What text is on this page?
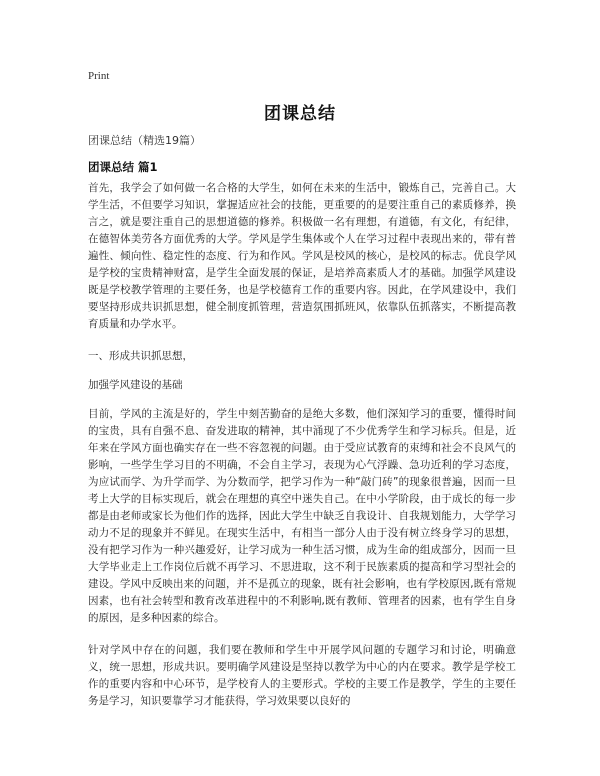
Print
团课总结
团课总结（精选19篇）
团课总结 篇1

首先，我学会了如何做一名合格的大学生，如何在未来的生活中，锻炼自己，完善自己。大学生活，不但要学习知识，掌握适应社会的技能，更重要的的是要注重自己的素质修养，换言之，就是要注重自己的思想道德的修养。积极做一名有理想，有道德，有文化，有纪律，在德智体美劳各方面优秀的大学。学风是学生集体或个人在学习过程中表现出来的，带有普遍性、倾向性、稳定性的态度、行为和作风。学风是校风的核心，是校风的标志。优良学风是学校的宝贵精神财富，是学生全面发展的保证，是培养高素质人才的基础。加强学风建设既是学校教学管理的主要任务，也是学校德育工作的重要内容。因此，在学风建设中，我们要坚持形成共识抓思想，健全制度抓管理，营造氛围抓班风，依靠队伍抓落实，不断提高教育质量和办学水平。

一、形成共识抓思想，

加强学风建设的基础

目前，学风的主流是好的，学生中刻苦勤奋的是绝大多数，他们深知学习的重要，懂得时间的宝贵，具有自强不息、奋发进取的精神，其中涌现了不少优秀学生和学习标兵。但是，近年来在学风方面也确实存在一些不容忽视的问题。由于受应试教育的束缚和社会不良风气的影响，一些学生学习目的不明确，不会自主学习，表现为心气浮躁、急功近利的学习态度，为应试而学、为升学而学、为分数而学，把学习作为一种“敲门砖”的现象很普遍，因而一旦考上大学的目标实现后，就会在理想的真空中迷失自己。在中小学阶段，由于成长的每一步都是由老师或家长为他们作的选择，因此大学生中缺乏自我设计、自我规划能力，大学学习动力不足的现象并不鲜见。在现实生活中，有相当一部分人由于没有树立终身学习的思想，没有把学习作为一种兴趣爱好，让学习成为一种生活习惯，成为生命的组成部分，因而一旦大学毕业走上工作岗位后就不再学习、不思进取，这不利于民族素质的提高和学习型社会的建设。学风中反映出来的问题，并不是孤立的现象，既有社会影响，也有学校原因,既有常规因素，也有社会转型和教育改革进程中的不利影响,既有教师、管理者的因素，也有学生自身的原因，是多种因素的综合。

针对学风中存在的问题，我们要在教师和学生中开展学风问题的专题学习和讨论，明确意义，统一思想，形成共识。要明确学风建设是坚持以教学为中心的内在要求。教学是学校工作的重要内容和中心环节，是学校育人的主要形式。学校的主要工作是教学，学生的主要任务是学习，知识要靠学习才能获得，学习效果要以良好的
